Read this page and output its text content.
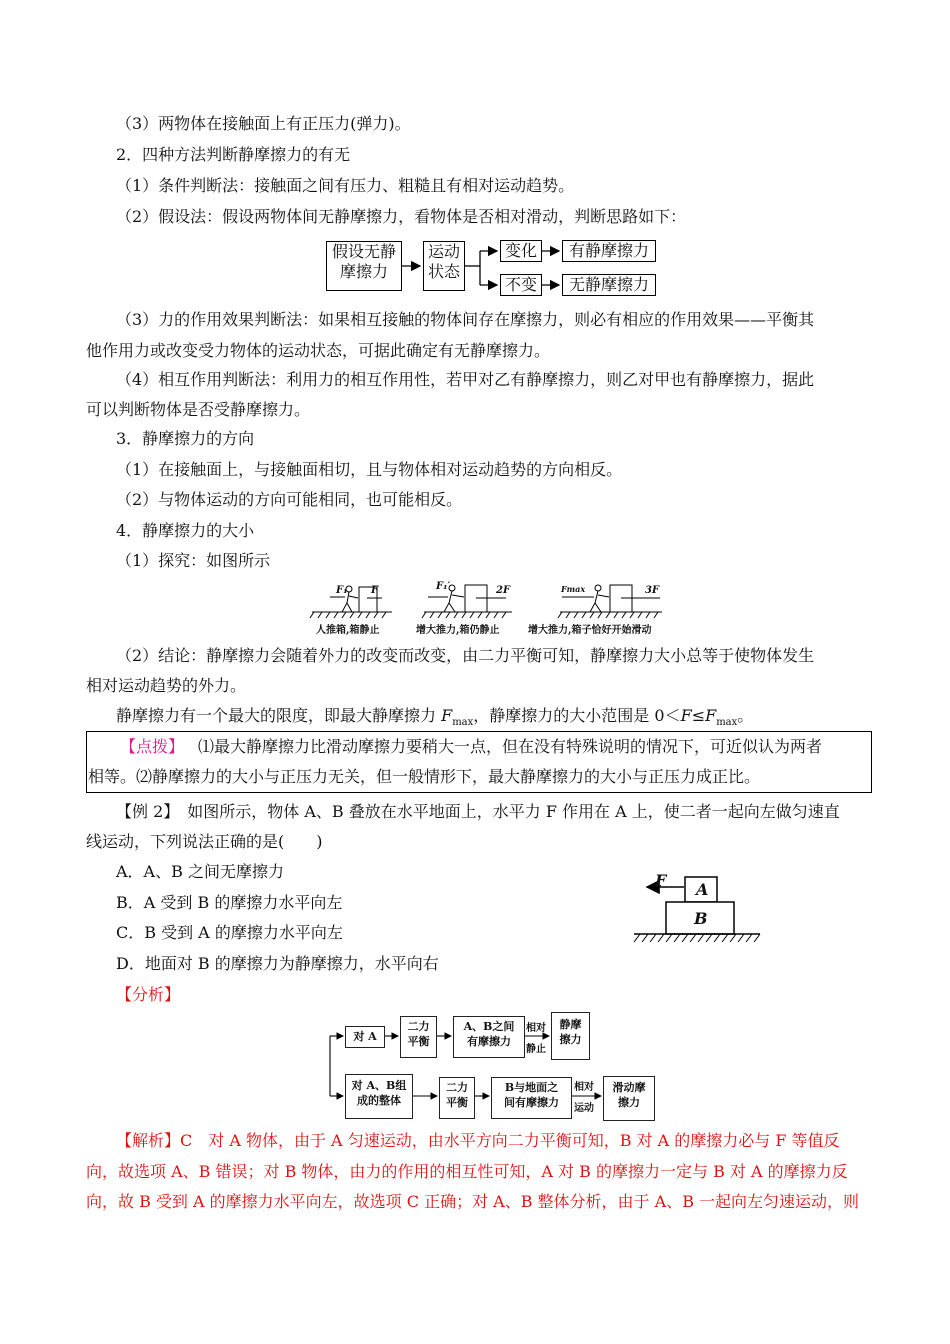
（3）两物体在接触面上有正压力(弹力)。
2．四种方法判断静摩擦力的有无
（1）条件判断法：接触面之间有压力、粗糙且有相对运动趋势。
（2）假设法：假设两物体间无静摩擦力，看物体是否相对滑动，判断思路如下：
假设无静
摩擦力
运动
状态
变化	有静摩擦力
不变	无静摩擦力
（3）力的作用效果判断法：如果相互接触的物体间存在摩擦力，则必有相应的作用效果——平衡其
他作用力或改变受力物体的运动状态，可据此确定有无静摩擦力。
（4）相互作用判断法：利用力的相互作用性，若甲对乙有静摩擦力，则乙对甲也有静摩擦力，据此
可以判断物体是否受静摩擦力。
3．静摩擦力的方向
（1）在接触面上，与接触面相切，且与物体相对运动趋势的方向相反。
（2）与物体运动的方向可能相同，也可能相反。
4．静摩擦力的大小
（1）探究：如图所示
F₁ F	F₁′	2F	Fmax	3F
人推箱,箱静止	增大推力,箱仍静止	增大推力,箱子恰好开始滑动
（2）结论：静摩擦力会随着外力的改变而改变，由二力平衡可知，静摩擦力大小总等于使物体发生
相对运动趋势的外力。
静摩擦力有一个最大的限度，即最大静摩擦力 $F_{max}$，静摩擦力的大小范围是 $0<F\le F_{max}$。
【点拨】 ⑴最大静摩擦力比滑动摩擦力要稍大一点，但在没有特殊说明的情况下，可近似认为两者
相等。⑵静摩擦力的大小与正压力无关，但一般情形下，最大静摩擦力的大小与正压力成正比。
【例 2】　如图所示，物体 A、B 叠放在水平地面上，水平力 F 作用在 A 上，使二者一起向左做匀速直
线运动，下列说法正确的是(　　)
A．A、B 之间无摩擦力
B．A 受到 B 的摩擦力水平向左
C．B 受到 A 的摩擦力水平向左
D．地面对 B 的摩擦力为静摩擦力，水平向右
F A
B
【分析】
对 A
二力
平衡
A、B之间
有摩擦力
相对
静止
静摩
擦力
对 A、B组
成的整体
二力
平衡
B与地面之
间有摩擦力
相对
运动
滑动摩
擦力
【解析】C　对 A 物体，由于 A 匀速运动，由水平方向二力平衡可知，B 对 A 的摩擦力必与 F 等值反
向，故选项 A、B 错误；对 B 物体，由力的作用的相互性可知，A 对 B 的摩擦力一定与 B 对 A 的摩擦力反
向，故 B 受到 A 的摩擦力水平向左，故选项 C 正确；对 A、B 整体分析，由于 A、B 一起向左匀速运动，则
